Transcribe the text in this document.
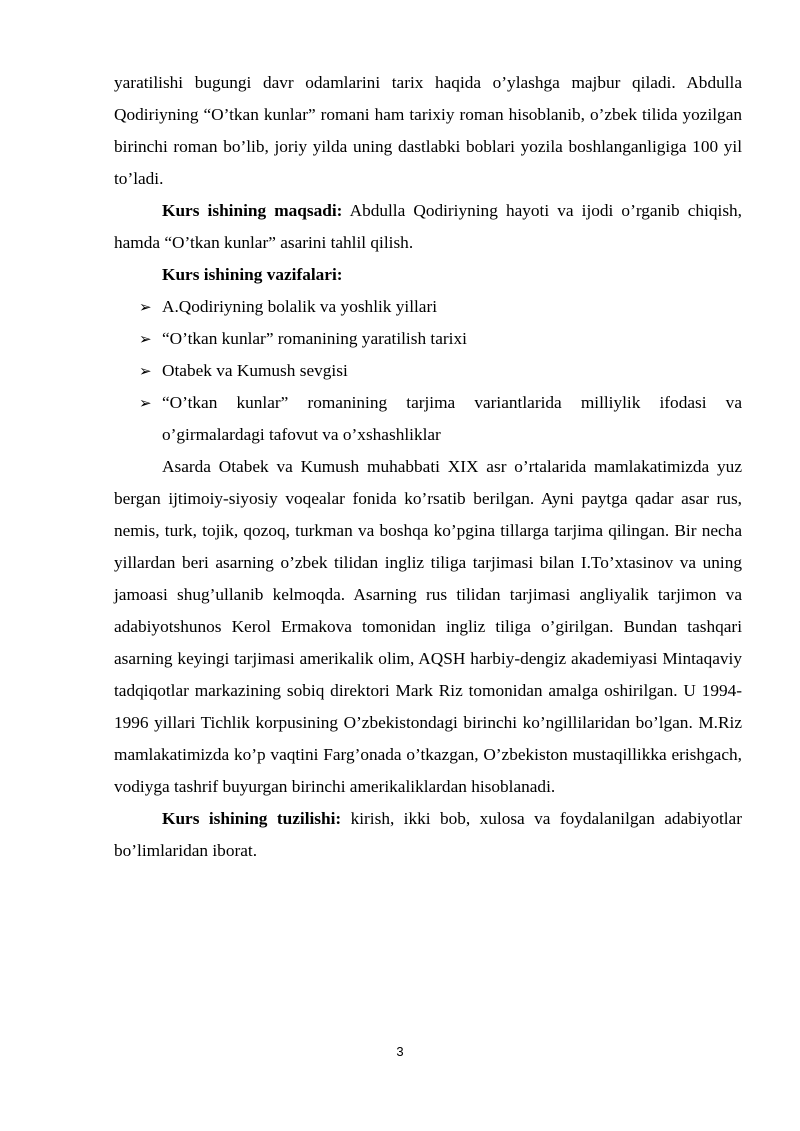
yaratilishi bugungi davr odamlarini tarix haqida o’ylashga majbur qiladi. Abdulla Qodiriyning “O’tkan kunlar” romani ham tarixiy roman hisoblanib, o’zbek tilida yozilgan birinchi roman bo’lib, joriy yilda uning dastlabki boblari yozila boshlanganligiga 100 yil to’ladi.

Kurs ishining maqsadi: Abdulla Qodiriyning hayoti va ijodi o’rganib chiqish, hamda “O’tkan kunlar” asarini tahlil qilish.

Kurs ishining vazifalari:

➢ A.Qodiriyning bolalik va yoshlik yillari
➢ “O’tkan kunlar” romanining yaratilish tarixi
➢ Otabek va Kumush sevgisi
➢ “O’tkan kunlar” romanining tarjima variantlarida milliylik ifodasi va o’girmalardagi tafovut va o’xshashliklar

Asarda Otabek va Kumush muhabbati XIX asr o’rtalarida mamlakatimizda yuz bergan ijtimoiy-siyosiy voqealar fonida ko’rsatib berilgan. Ayni paytga qadar asar rus, nemis, turk, tojik, qozoq, turkman va boshqa ko’pgina tillarga tarjima qilingan. Bir necha yillardan beri asarning o’zbek tilidan ingliz tiliga tarjimasi bilan I.To’xtasinov va uning jamoasi shug’ullanib kelmoqda. Asarning rus tilidan tarjimasi angliyalik tarjimon va adabiyotshunos Kerol Ermakova tomonidan ingliz tiliga o’girilgan. Bundan tashqari asarning keyingi tarjimasi amerikalik olim, AQSH harbiy-dengiz akademiyasi Mintaqaviy tadqiqotlar markazining sobiq direktori Mark Riz tomonidan amalga oshirilgan. U 1994-1996 yillari Tichlik korpusining O’zbekistondagi birinchi ko’ngillilaridan bo’lgan. M.Riz mamlakatimizda ko’p vaqtini Farg’onada o’tkazgan, O’zbekiston mustaqillikka erishgach, vodiyga tashrif buyurgan birinchi amerikaliklardan hisoblanadi.

Kurs ishining tuzilishi: kirish, ikki bob, xulosa va foydalanilgan adabiyotlar bo’limlaridan iborat.

3
